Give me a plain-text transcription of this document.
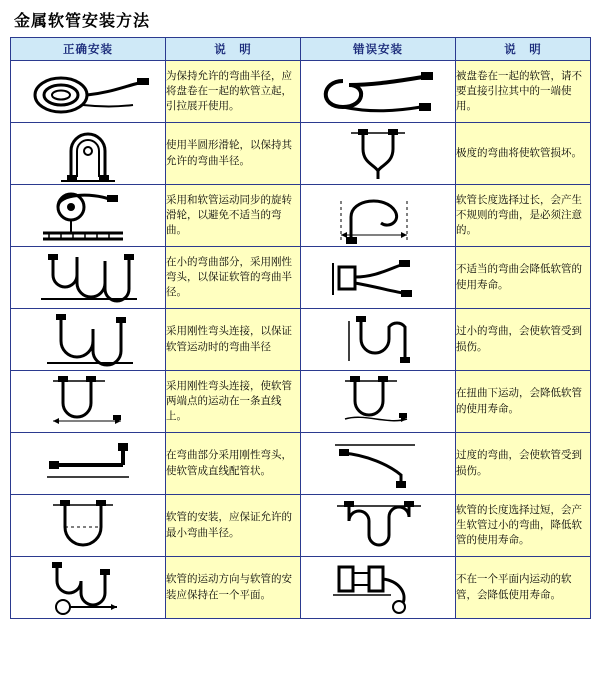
金属软管安装方法
正确安装	说　明	错误安装	说　明

	为保持允许的弯曲半径，应将盘卷在一起的软管立起，引拉展开使用。		被盘卷在一起的软管，请不要直接引拉其中的一端使用。

	使用半圆形滑轮，以保持其允许的弯曲半径。		极度的弯曲将使软管损坏。

	采用和软管运动同步的旋转滑轮，以避免不适当的弯曲。		软管长度选择过长，会产生不规则的弯曲，是必须注意的。

	在小的弯曲部分，采用刚性弯头，以保证软管的弯曲半径。		不适当的弯曲会降低软管的使用寿命。

	采用刚性弯头连接，以保证软管运动时的弯曲半径		过小的弯曲，会使软管受到损伤。

	采用刚性弯头连接，使软管两端点的运动在一条直线上。		在扭曲下运动，会降低软管的使用寿命。

	在弯曲部分采用刚性弯头，使软管成直线配管状。		过度的弯曲，会使软管受到损伤。

	软管的安装，应保证允许的最小弯曲半径。		软管的长度选择过短，会产生软管过小的弯曲，降低软管的使用寿命。

	软管的运动方向与软管的安装应保持在一个平面。		不在一个平面内运动的软管，会降低使用寿命。
